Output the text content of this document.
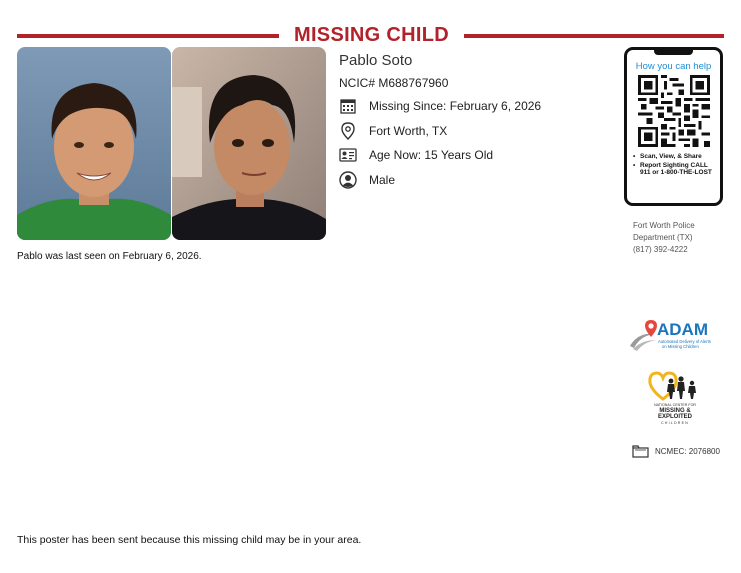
MISSING CHILD
Pablo was last seen on February 6, 2026.
Pablo Soto
NCIC# M688767960
Missing Since: February 6, 2026
Fort Worth, TX
Age Now: 15 Years Old
Male
How you can help
• Scan, View, & Share
• Report Sighting CALL 911 or 1-800-THE-LOST
Fort Worth Police
Department (TX)
(817) 392-4222
ADAM
Automated Delivery of Alerts
on Missing Children
NATIONAL CENTER FOR
MISSING &
EXPLOITED
CHILDREN
NCMEC: 2076800
This poster has been sent because this missing child may be in your area.
